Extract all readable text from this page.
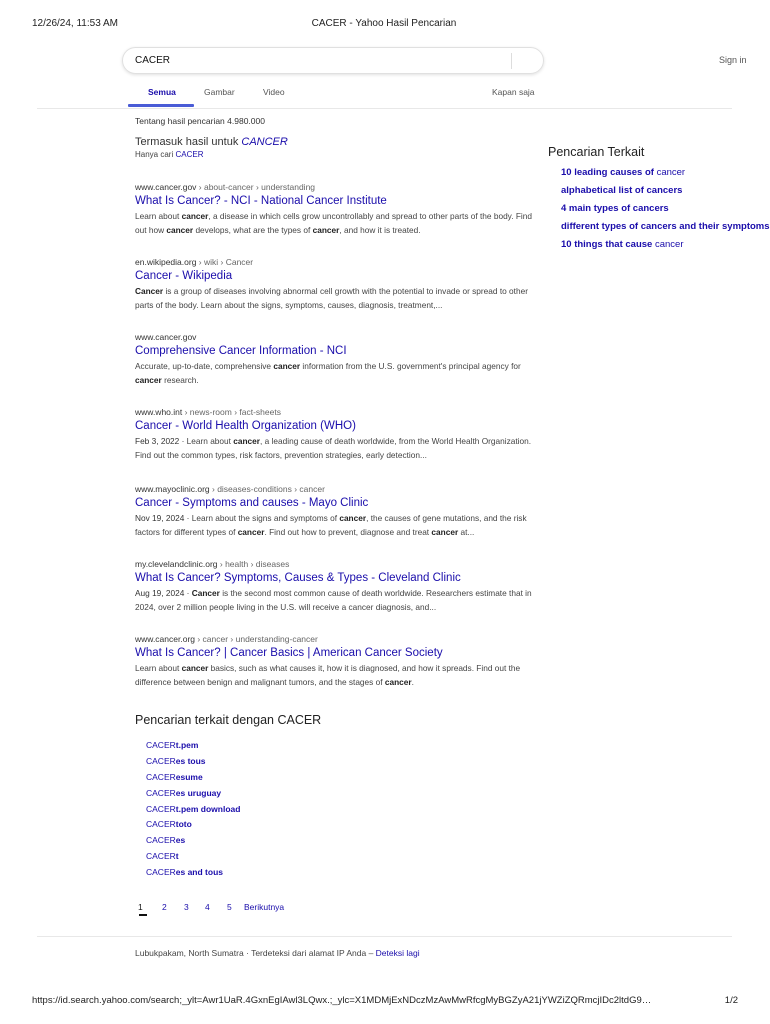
12/26/24, 11:53 AM	CACER - Yahoo Hasil Pencarian
CACER
Sign in
Semua	Gambar	Video	Kapan saja
Tentang hasil pencarian 4.980.000
Termasuk hasil untuk CANCER
Hanya cari CACER
www.cancer.gov › about-cancer › understanding
What Is Cancer? - NCI - National Cancer Institute
Learn about cancer, a disease in which cells grow uncontrollably and spread to other parts of the body. Find out how cancer develops, what are the types of cancer, and how it is treated.
en.wikipedia.org › wiki › Cancer
Cancer - Wikipedia
Cancer is a group of diseases involving abnormal cell growth with the potential to invade or spread to other parts of the body. Learn about the signs, symptoms, causes, diagnosis, treatment,...
www.cancer.gov
Comprehensive Cancer Information - NCI
Accurate, up-to-date, comprehensive cancer information from the U.S. government's principal agency for cancer research.
www.who.int › news-room › fact-sheets
Cancer - World Health Organization (WHO)
Feb 3, 2022 · Learn about cancer, a leading cause of death worldwide, from the World Health Organization. Find out the common types, risk factors, prevention strategies, early detection...
www.mayoclinic.org › diseases-conditions › cancer
Cancer - Symptoms and causes - Mayo Clinic
Nov 19, 2024 · Learn about the signs and symptoms of cancer, the causes of gene mutations, and the risk factors for different types of cancer. Find out how to prevent, diagnose and treat cancer at...
my.clevelandclinic.org › health › diseases
What Is Cancer? Symptoms, Causes & Types - Cleveland Clinic
Aug 19, 2024 · Cancer is the second most common cause of death worldwide. Researchers estimate that in 2024, over 2 million people living in the U.S. will receive a cancer diagnosis, and...
www.cancer.org › cancer › understanding-cancer
What Is Cancer? | Cancer Basics | American Cancer Society
Learn about cancer basics, such as what causes it, how it is diagnosed, and how it spreads. Find out the difference between benign and malignant tumors, and the stages of cancer.
Pencarian terkait dengan CACER
CACERt.pem
CACERes tous
CACEResume
CACERes uruguay
CACERt.pem download
CACERtoto
CACERes
CACERt
CACERes and tous
1 2 3 4 5 Berikutnya
Lubukpakam, North Sumatra · Terdeteksi dari alamat IP Anda – Deteksi lagi
Pencarian Terkait
10 leading causes of cancer
alphabetical list of cancers
4 main types of cancers
different types of cancers and their symptoms
10 things that cause cancer
https://id.search.yahoo.com/search;_ylt=Awr1UaR.4GxnEgIAwl3LQwx.;_ylc=X1MDMjExNDczMzAwMwRfcgMyBGZyA21jYWZiZQRmcjIDc2ltdG9…	1/2
